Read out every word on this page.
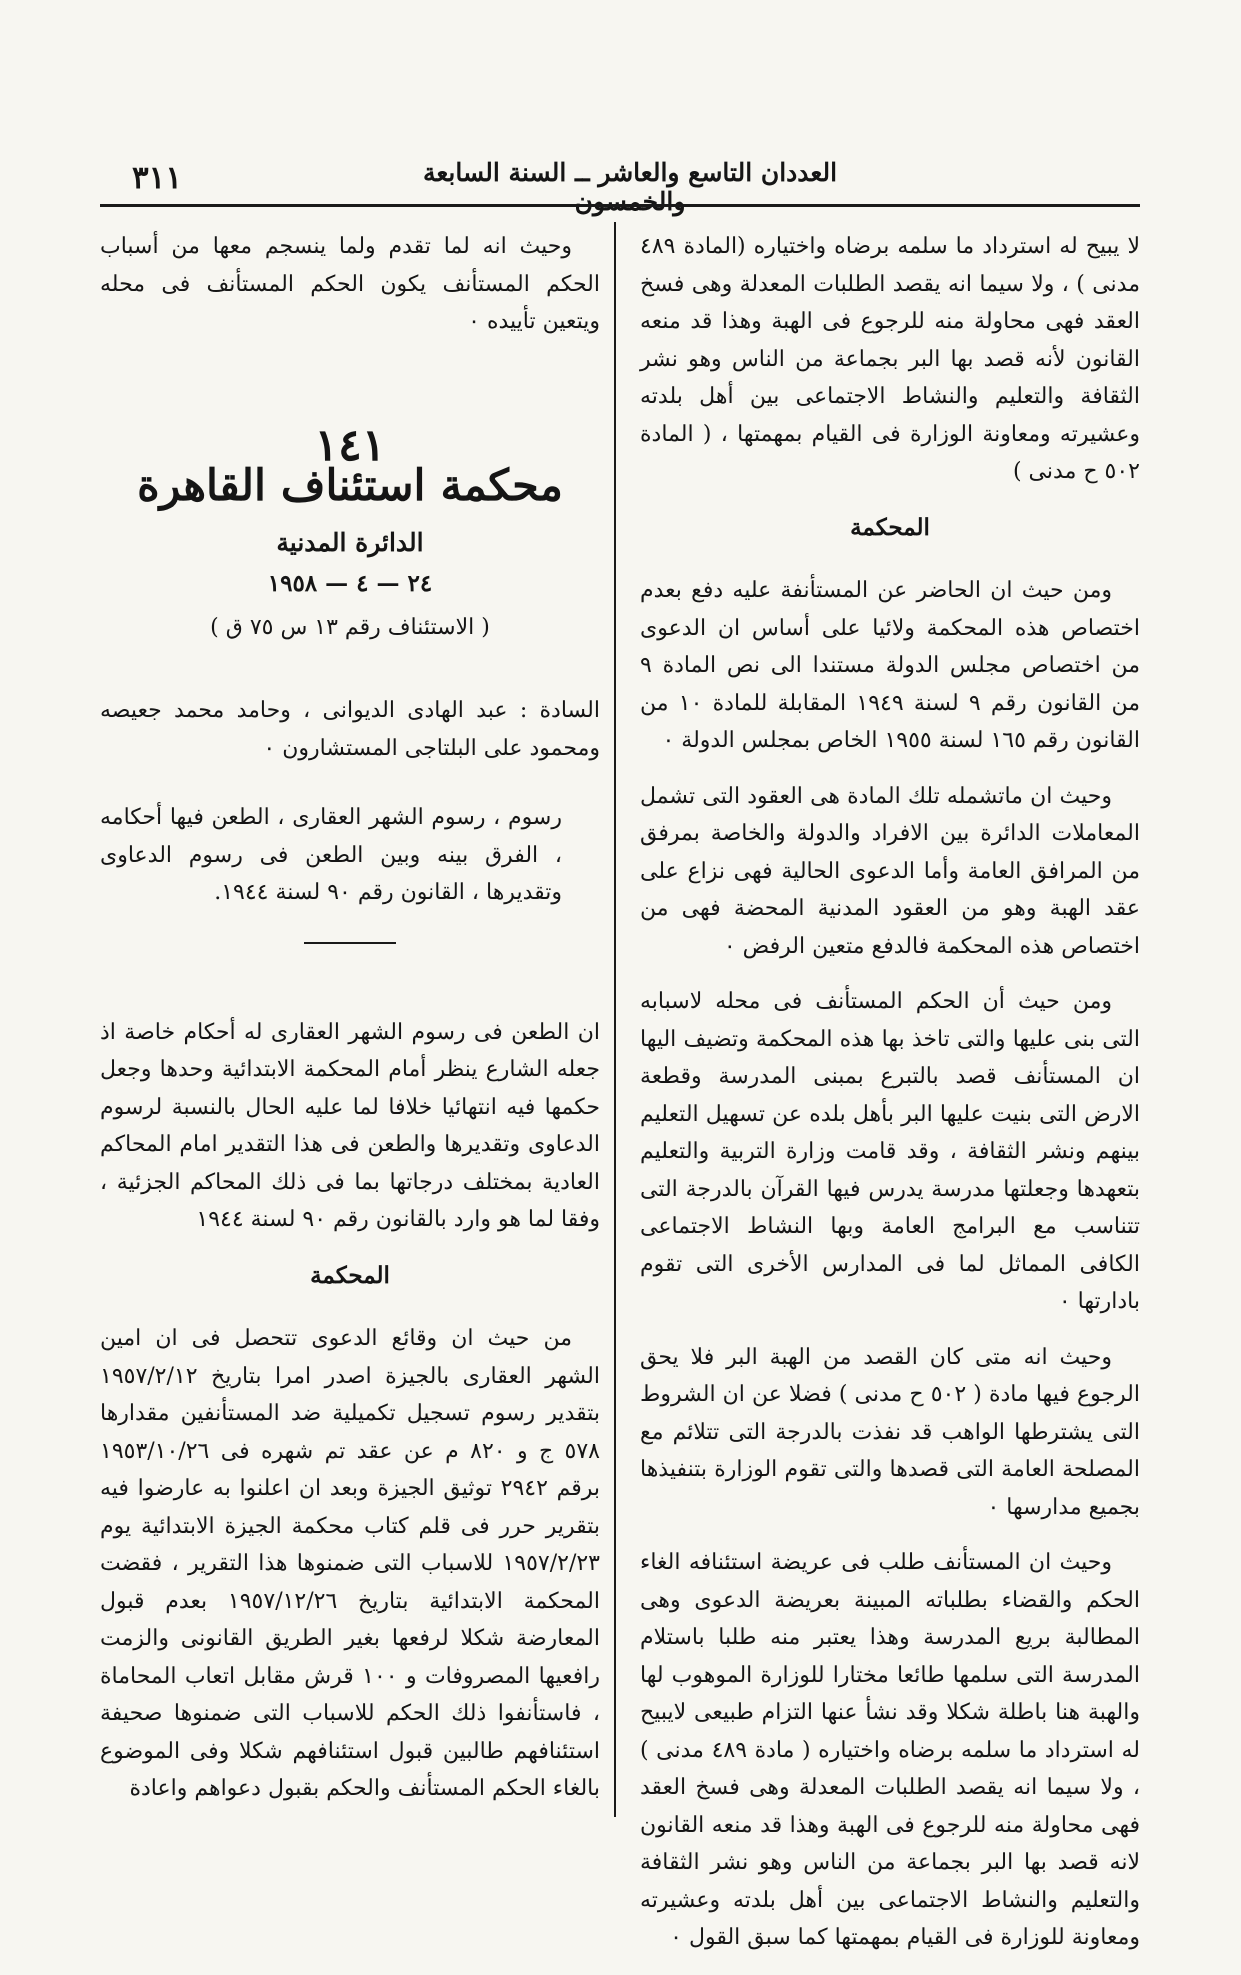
العددان التاسع والعاشر ــ السنة السابعة والخمسون
٣١١

لا يبيح له استرداد ما سلمه برضاه واختياره (المادة ٤٨٩ مدنى ) ، ولا سيما انه يقصد الطلبات المعدلة وهى فسخ العقد فهى محاولة منه للرجوع فى الهبة وهذا قد منعه القانون لأنه قصد بها البر بجماعة من الناس وهو نشر الثقافة والتعليم والنشاط الاجتماعى بين أهل بلدته وعشيرته ومعاونة الوزارة فى القيام بمهمتها ، ( المادة ٥٠٢ ح مدنى )

المحكمة

ومن حيث ان الحاضر عن المستأنفة عليه دفع بعدم اختصاص هذه المحكمة ولائيا على أساس ان الدعوى من اختصاص مجلس الدولة مستندا الى نص المادة ٩ من القانون رقم ٩ لسنة ١٩٤٩ المقابلة للمادة ١٠ من القانون رقم ١٦٥ لسنة ١٩٥٥ الخاص بمجلس الدولة ٠

وحيث ان ماتشمله تلك المادة هى العقود التى تشمل المعاملات الدائرة بين الافراد والدولة والخاصة بمرفق من المرافق العامة وأما الدعوى الحالية فهى نزاع على عقد الهبة وهو من العقود المدنية المحضة فهى من اختصاص هذه المحكمة فالدفع متعين الرفض ٠

ومن حيث أن الحكم المستأنف فى محله لاسبابه التى بنى عليها والتى تاخذ بها هذه المحكمة وتضيف اليها ان المستأنف قصد بالتبرع بمبنى المدرسة وقطعة الارض التى بنيت عليها البر بأهل بلده عن تسهيل التعليم بينهم ونشر الثقافة ، وقد قامت وزارة التربية والتعليم بتعهدها وجعلتها مدرسة يدرس فيها القرآن بالدرجة التى تتناسب مع البرامج العامة وبها النشاط الاجتماعى الكافى المماثل لما فى المدارس الأخرى التى تقوم بادارتها ٠

وحيث انه متى كان القصد من الهبة البر فلا يحق الرجوع فيها مادة ( ٥٠٢ ح مدنى ) فضلا عن ان الشروط التى يشترطها الواهب قد نفذت بالدرجة التى تتلائم مع المصلحة العامة التى قصدها والتى تقوم الوزارة بتنفيذها بجميع مدارسها ٠

وحيث ان المستأنف طلب فى عريضة استئنافه الغاء الحكم والقضاء بطلباته المبينة بعريضة الدعوى وهى المطالبة بريع المدرسة وهذا يعتبر منه طلبا باستلام المدرسة التى سلمها طائعا مختارا للوزارة الموهوب لها والهبة هنا باطلة شكلا وقد نشأ عنها التزام طبيعى لايبيح له استرداد ما سلمه برضاه واختياره ( مادة ٤٨٩ مدنى ) ، ولا سيما انه يقصد الطلبات المعدلة وهى فسخ العقد فهى محاولة منه للرجوع فى الهبة وهذا قد منعه القانون لانه قصد بها البر بجماعة من الناس وهو نشر الثقافة والتعليم والنشاط الاجتماعى بين أهل بلدته وعشيرته ومعاونة للوزارة فى القيام بمهمتها كما سبق القول ٠

وحيث انه لما تقدم ولما ينسجم معها من أسباب الحكم المستأنف يكون الحكم المستأنف فى محله ويتعين تأييده ٠

١٤١
محكمة استئناف القاهرة
الدائرة المدنية
٢٤ — ٤ — ١٩٥٨
( الاستئناف رقم ١٣ س ٧٥ ق )

السادة : عبد الهادى الديوانى ، وحامد محمد جعيصه ومحمود على البلتاجى المستشارون ٠

رسوم ، رسوم الشهر العقارى ، الطعن فيها أحكامه ، الفرق بينه وبين الطعن فى رسوم الدعاوى وتقديرها ، القانون رقم ٩٠ لسنة ١٩٤٤.

ان الطعن فى رسوم الشهر العقارى له أحكام خاصة اذ جعله الشارع ينظر أمام المحكمة الابتدائية وحدها وجعل حكمها فيه انتهائيا خلافا لما عليه الحال بالنسبة لرسوم الدعاوى وتقديرها والطعن فى هذا التقدير امام المحاكم العادية بمختلف درجاتها بما فى ذلك المحاكم الجزئية ، وفقا لما هو وارد بالقانون رقم ٩٠ لسنة ١٩٤٤

المحكمة

من حيث ان وقائع الدعوى تتحصل فى ان امين الشهر العقارى بالجيزة اصدر امرا بتاريخ ١٩٥٧/٢/١٢ بتقدير رسوم تسجيل تكميلية ضد المستأنفين مقدارها ٥٧٨ ج و ٨٢٠ م عن عقد تم شهره فى ١٩٥٣/١٠/٢٦ برقم ٢٩٤٢ توثيق الجيزة وبعد ان اعلنوا به عارضوا فيه بتقرير حرر فى قلم كتاب محكمة الجيزة الابتدائية يوم ١٩٥٧/٢/٢٣ للاسباب التى ضمنوها هذا التقرير ، فقضت المحكمة الابتدائية بتاريخ ١٩٥٧/١٢/٢٦ بعدم قبول المعارضة شكلا لرفعها بغير الطريق القانونى والزمت رافعيها المصروفات و ١٠٠ قرش مقابل اتعاب المحاماة ، فاستأنفوا ذلك الحكم للاسباب التى ضمنوها صحيفة استئنافهم طالبين قبول استئنافهم شكلا وفى الموضوع بالغاء الحكم المستأنف والحكم بقبول دعواهم واعادة
